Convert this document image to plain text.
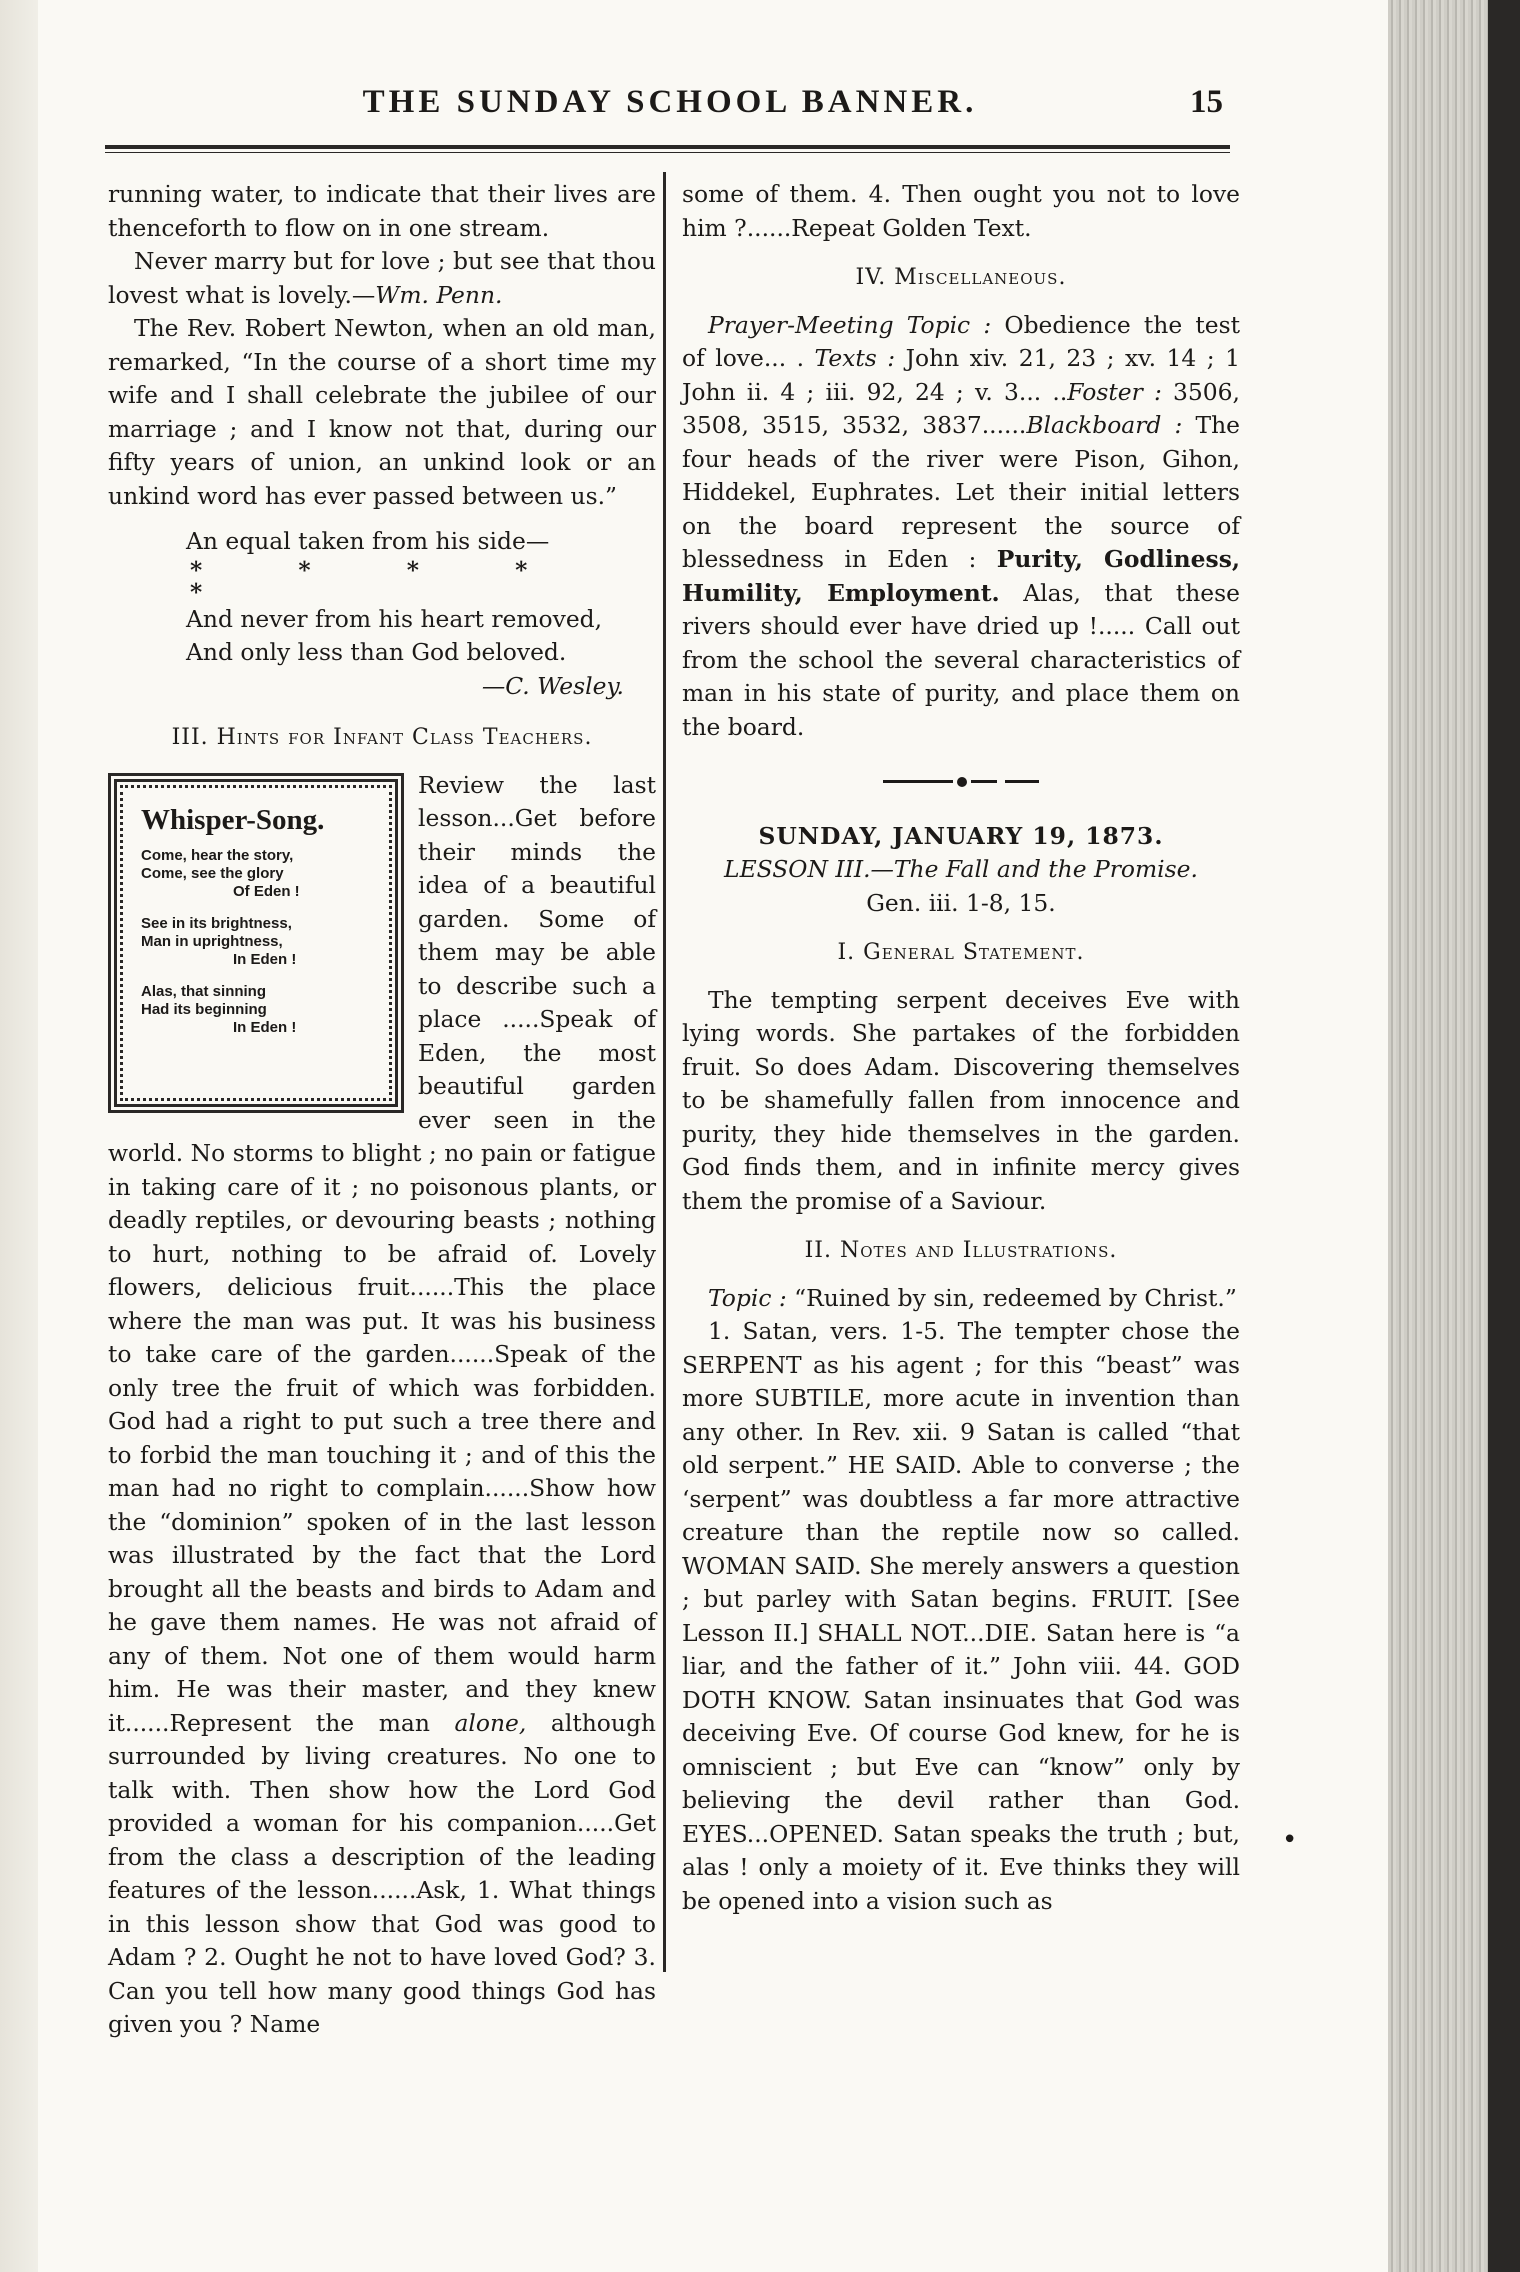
THE SUNDAY SCHOOL BANNER.	15

running water, to indicate that their lives are thenceforth to flow on in one stream.

Never marry but for love ; but see that thou lovest what is lovely.—Wm. Penn.

The Rev. Robert Newton, when an old man, remarked, “In the course of a short time my wife and I shall celebrate the jubilee of our marriage ; and I know not that, during our fifty years of union, an unkind look or an unkind word has ever passed between us.”

An equal taken from his side—

* * * * *

And never from his heart removed,

And only less than God beloved.

—C. Wesley.

III. Hints for Infant Class Teachers.

Whisper-Song.
Come, hear the story,
Come, see the glory
Of Eden !
See in its brightness,
Man in uprightness,
In Eden !
Alas, that sinning
Had its beginning
In Eden !

Review the last lesson...Get before their minds the idea of a beautiful garden. Some of them may be able to describe such a place .....Speak of Eden, the most beautiful garden ever seen in the world. No storms to blight ; no pain or fatigue in taking care of it ; no poisonous plants, or deadly reptiles, or devouring beasts ; nothing to hurt, nothing to be afraid of. Lovely flowers, delicious fruit......This the place where the man was put. It was his business to take care of the garden......Speak of the only tree the fruit of which was forbidden. God had a right to put such a tree there and to forbid the man touching it ; and of this the man had no right to complain......Show how the “dominion” spoken of in the last lesson was illustrated by the fact that the Lord brought all the beasts and birds to Adam and he gave them names. He was not afraid of any of them. Not one of them would harm him. He was their master, and they knew it......Represent the man alone, although surrounded by living creatures. No one to talk with. Then show how the Lord God provided a woman for his companion.....Get from the class a description of the leading features of the lesson......Ask, 1. What things in this lesson show that God was good to Adam ? 2. Ought he not to have loved God? 3. Can you tell how many good things God has given you ? Name

some of them. 4. Then ought you not to love him ?......Repeat Golden Text.

IV. Miscellaneous.

Prayer-Meeting Topic : Obedience the test of love... . Texts : John xiv. 21, 23 ; xv. 14 ; 1 John ii. 4 ; iii. 92, 24 ; v. 3... ..Foster : 3506, 3508, 3515, 3532, 3837......Blackboard : The four heads of the river were Pison, Gihon, Hiddekel, Euphrates. Let their initial letters on the board represent the source of blessedness in Eden : Purity, Godliness, Humility, Employment. Alas, that these rivers should ever have dried up !..... Call out from the school the several characteristics of man in his state of purity, and place them on the board.

SUNDAY, JANUARY 19, 1873.

LESSON III.—The Fall and the Promise.

Gen. iii. 1-8, 15.

I. General Statement.

The tempting serpent deceives Eve with lying words. She partakes of the forbidden fruit. So does Adam. Discovering themselves to be shamefully fallen from innocence and purity, they hide themselves in the garden. God finds them, and in infinite mercy gives them the promise of a Saviour.

II. Notes and Illustrations.

Topic : “Ruined by sin, redeemed by Christ.”

1. Satan, vers. 1-5. The tempter chose the SERPENT as his agent ; for this “beast” was more SUBTILE, more acute in invention than any other. In Rev. xii. 9 Satan is called “that old serpent.” HE SAID. Able to converse ; the ‘serpent” was doubtless a far more attractive creature than the reptile now so called. WOMAN SAID. She merely answers a question ; but parley with Satan begins. FRUIT. [See Lesson II.] SHALL NOT...DIE. Satan here is “a liar, and the father of it.” John viii. 44. GOD DOTH KNOW. Satan insinuates that God was deceiving Eve. Of course God knew, for he is omniscient ; but Eve can “know” only by believing the devil rather than God. EYES...OPENED. Satan speaks the truth ; but, alas ! only a moiety of it. Eve thinks they will be opened into a vision such as

•
